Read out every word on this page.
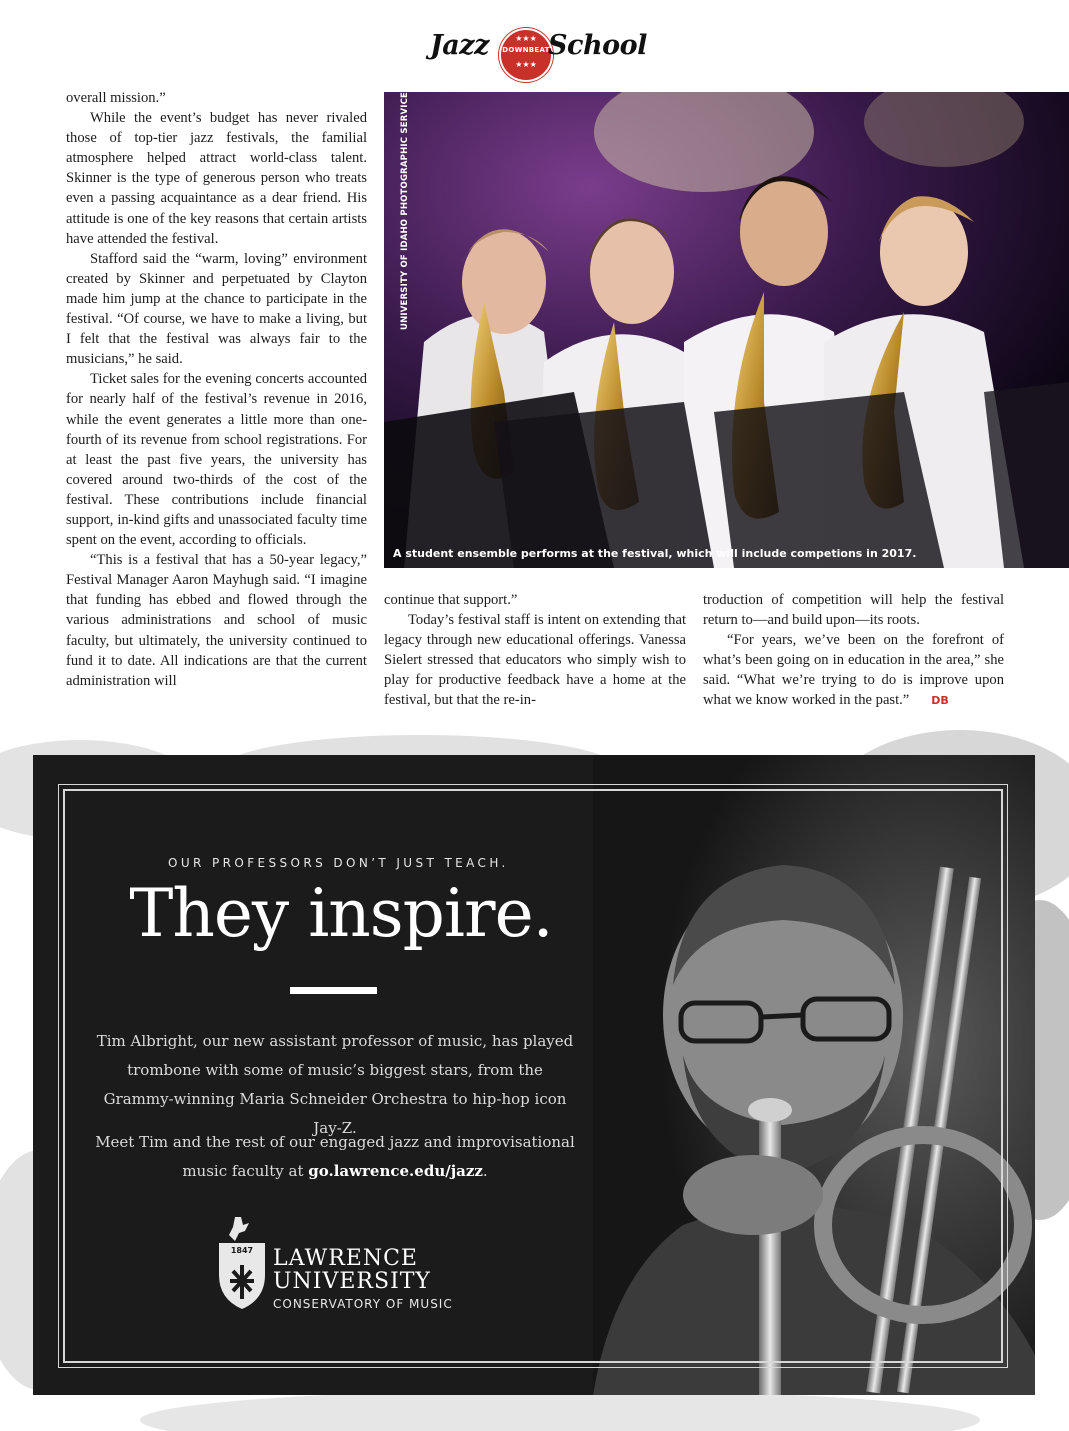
Jazz	★★★
DOWNBEAT
★★★
School

overall mission.”

While the event’s budget has never rivaled those of top-tier jazz festivals, the familial atmosphere helped attract world-class talent. Skinner is the type of generous person who treats even a passing acquaintance as a dear friend. His attitude is one of the key reasons that certain artists have attended the festival.

Stafford said the “warm, loving” environment created by Skinner and perpetuated by Clayton made him jump at the chance to participate in the festival. “Of course, we have to make a living, but I felt that the festival was always fair to the musicians,” he said.

Ticket sales for the evening concerts accounted for nearly half of the festival’s revenue in 2016, while the event generates a little more than one-fourth of its revenue from school registrations. For at least the past five years, the university has covered around two-thirds of the cost of the festival. These contributions include financial support, in-kind gifts and unassociated faculty time spent on the event, according to officials.

“This is a festival that has a 50-year legacy,” Festival Manager Aaron Mayhugh said. “I imagine that funding has ebbed and flowed through the various administrations and school of music faculty, but ultimately, the university continued to fund it to date. All indications are that the current administration will

UNIVERSITY OF IDAHO PHOTOGRAPHIC SERVICES
A student ensemble performs at the festival, which will include competions in 2017.

continue that support.”

Today’s festival staff is intent on extending that legacy through new educational offerings. Vanessa Sielert stressed that educators who simply wish to play for productive feedback have a home at the festival, but that the re-in-

troduction of competition will help the festival return to—and build upon—its roots.

“For years, we’ve been on the forefront of what’s been going on in education in the area,” she said. “What we’re trying to do is improve upon what we know worked in the past.” DB

OUR PROFESSORS DON’T JUST TEACH.
They inspire.
Tim Albright, our new assistant professor of music, has played trombone with some of music’s biggest stars, from the Grammy-winning Maria Schneider Orchestra to hip-hop icon Jay-Z.
Meet Tim and the rest of our engaged jazz and improvisational music faculty at go.lawrence.edu/jazz.
1847 LAWRENCE
UNIVERSITY
CONSERVATORY OF MUSIC
